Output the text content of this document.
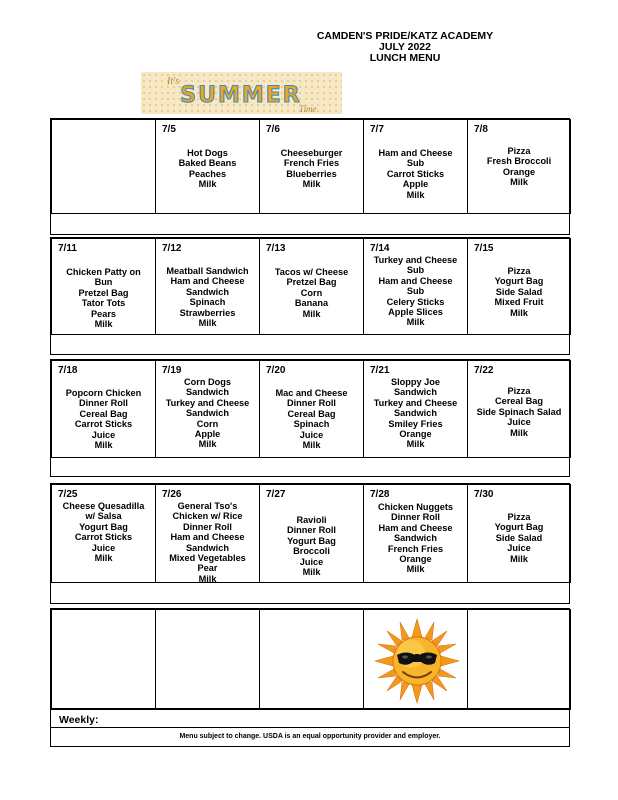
CAMDEN'S PRIDE/KATZ ACADEMY
JULY 2022
LUNCH MENU
It's
SUMMER
Time
7/5
Hot Dogs
Baked Beans
Peaches
Milk
7/6
Cheeseburger
French Fries
Blueberries
Milk
7/7
Ham and Cheese
Sub
Carrot Sticks
Apple
Milk
7/8
Pizza
Fresh Broccoli
Orange
Milk
7/11
Chicken Patty on
Bun
Pretzel Bag
Tator Tots
Pears
Milk
7/12
Meatball Sandwich
Ham and Cheese
Sandwich
Spinach
Strawberries
Milk
7/13
Tacos w/ Cheese
Pretzel Bag
Corn
Banana
Milk
7/14
Turkey and Cheese
Sub
Ham and Cheese
Sub
Celery Sticks
Apple Slices
Milk
7/15
Pizza
Yogurt Bag
Side Salad
Mixed Fruit
Milk
7/18
Popcorn Chicken
Dinner Roll
Cereal Bag
Carrot Sticks
Juice
Milk
7/19
Corn Dogs
Sandwich
Turkey and Cheese
Sandwich
Corn
Apple
Milk
7/20
Mac and Cheese
Dinner Roll
Cereal Bag
Spinach
Juice
Milk
7/21
Sloppy Joe
Sandwich
Turkey and Cheese
Sandwich
Smiley Fries
Orange
Milk
7/22
Pizza
Cereal Bag
Side Spinach Salad
Juice
Milk
7/25
Cheese Quesadilla
w/ Salsa
Yogurt Bag
Carrot Sticks
Juice
Milk
7/26
General Tso's
Chicken w/ Rice
Dinner Roll
Ham and Cheese
Sandwich
Mixed Vegetables
Pear
Milk
7/27
Ravioli
Dinner Roll
Yogurt Bag
Broccoli
Juice
Milk
7/28
Chicken Nuggets
Dinner Roll
Ham and Cheese
Sandwich
French Fries
Orange
Milk
7/30
Pizza
Yogurt Bag
Side Salad
Juice
Milk
Weekly:
Menu subject to change. USDA is an equal opportunity provider and employer.
